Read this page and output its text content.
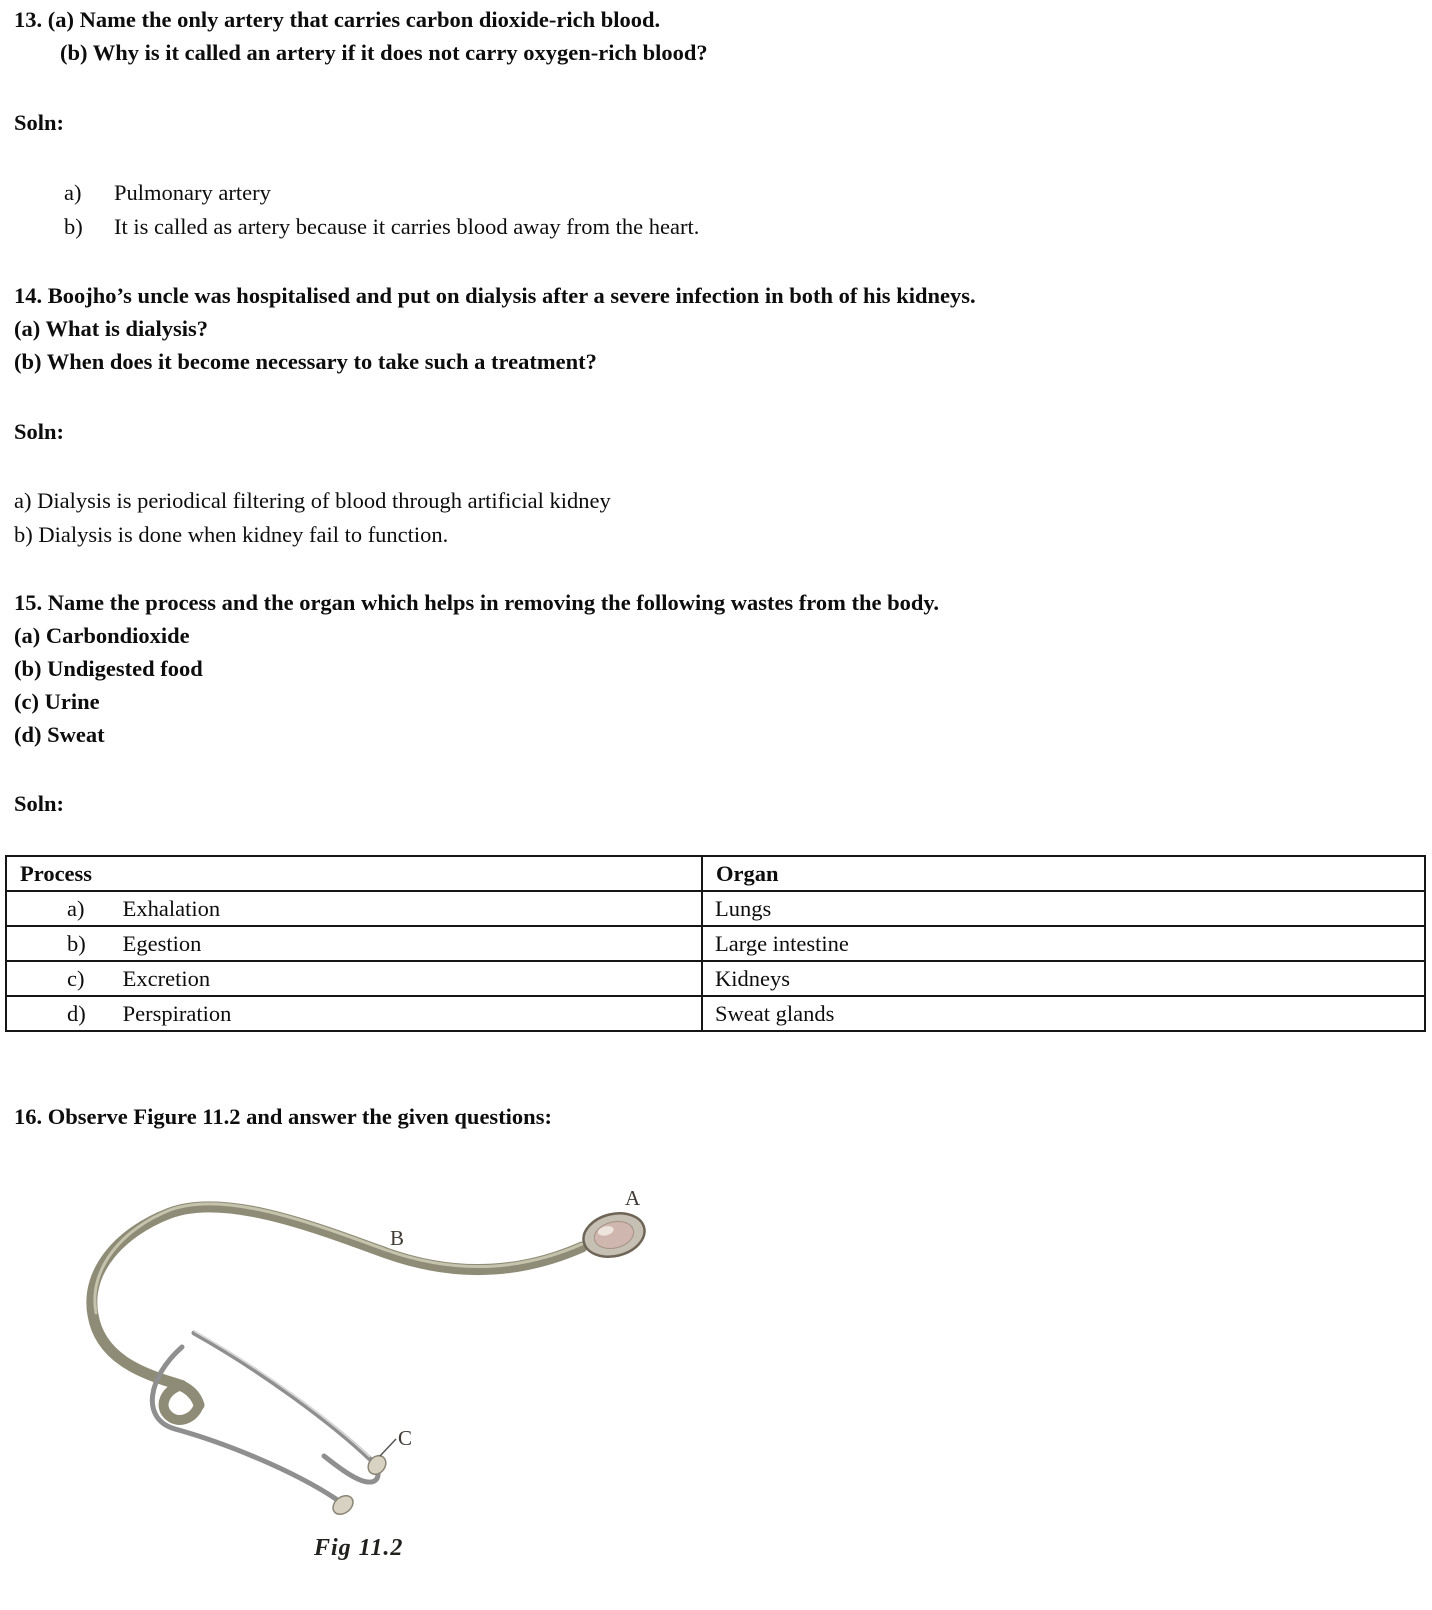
13. (a) Name the only artery that carries carbon dioxide-rich blood.

(b) Why is it called an artery if it does not carry oxygen-rich blood?

Soln:

a)	Pulmonary artery

b)	It is called as artery because it carries blood away from the heart.

14. Boojho’s uncle was hospitalised and put on dialysis after a severe infection in both of his kidneys.

(a) What is dialysis?

(b) When does it become necessary to take such a treatment?

Soln:

a) Dialysis is periodical filtering of blood through artificial kidney

b) Dialysis is done when kidney fail to function.

15. Name the process and the organ which helps in removing the following wastes from the body.

(a) Carbondioxide

(b) Undigested food

(c) Urine

(d) Sweat

Soln:

Process	Organ
a) Exhalation	Lungs
b) Egestion	Large intestine
c) Excretion	Kidneys
d) Perspiration	Sweat glands

16. Observe Figure 11.2 and answer the given questions:

A
B
C

Fig 11.2
